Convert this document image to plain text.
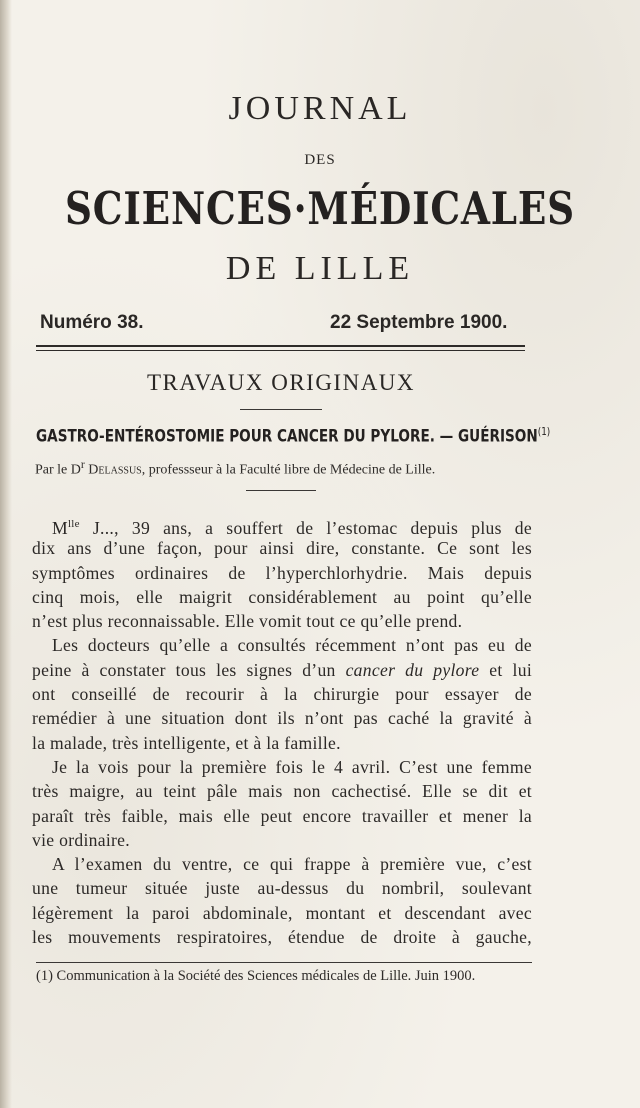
JOURNAL
DES
SCIENCES·MÉDICALES
DE LILLE
Numéro 38.	22 Septembre 1900.
TRAVAUX ORIGINAUX
GASTRO-ENTÉROSTOMIE POUR CANCER DU PYLORE. — GUÉRISON$^{(1)}$
Par le $D^r$ Delassus, professseur à la Faculté libre de Médecine de Lille.
$M^{lle}$ J..., 39 ans, a souffert de l’estomac depuis plus de
dix ans d’une façon, pour ainsi dire, constante. Ce sont les
symptômes ordinaires de l’hyperchlorhydrie. Mais depuis
cinq mois, elle maigrit considérablement au point qu’elle
n’est plus reconnaissable. Elle vomit tout ce qu’elle prend.
Les docteurs qu’elle a consultés récemment n’ont pas eu de
peine à constater tous les signes d’un cancer du pylore et lui
ont conseillé de recourir à la chirurgie pour essayer de
remédier à une situation dont ils n’ont pas caché la gravité à
la malade, très intelligente, et à la famille.
Je la vois pour la première fois le 4 avril. C’est une femme
très maigre, au teint pâle mais non cachectisé. Elle se dit et
paraît très faible, mais elle peut encore travailler et mener la
vie ordinaire.
A l’examen du ventre, ce qui frappe à première vue, c’est
une tumeur située juste au-dessus du nombril, soulevant
légèrement la paroi abdominale, montant et descendant avec
les mouvements respiratoires, étendue de droite à gauche,
(1) Communication à la Société des Sciences médicales de Lille. Juin 1900.
